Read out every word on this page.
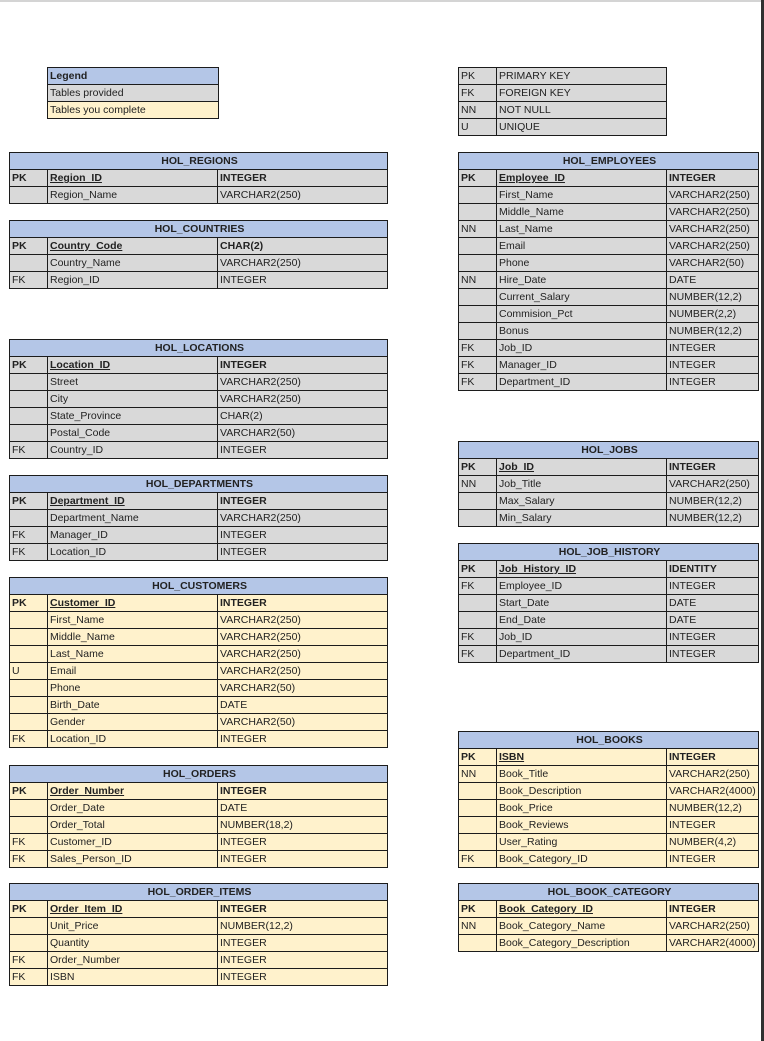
Legend
Tables provided
Tables you complete
PK	PRIMARY KEY
FK	FOREIGN KEY
NN	NOT NULL
U	UNIQUE
HOL_REGIONS		
PK	Region_ID	INTEGER
	Region_Name	VARCHAR2(250)
HOL_COUNTRIES		
PK	Country_Code	CHAR(2)
	Country_Name	VARCHAR2(250)
FK	Region_ID	INTEGER
HOL_LOCATIONS		
PK	Location_ID	INTEGER
	Street	VARCHAR2(250)
	City	VARCHAR2(250)
	State_Province	CHAR(2)
	Postal_Code	VARCHAR2(50)
FK	Country_ID	INTEGER
HOL_DEPARTMENTS		
PK	Department_ID	INTEGER
	Department_Name	VARCHAR2(250)
FK	Manager_ID	INTEGER
FK	Location_ID	INTEGER
HOL_CUSTOMERS		
PK	Customer_ID	INTEGER
	First_Name	VARCHAR2(250)
	Middle_Name	VARCHAR2(250)
	Last_Name	VARCHAR2(250)
U	Email	VARCHAR2(250)
	Phone	VARCHAR2(50)
	Birth_Date	DATE
	Gender	VARCHAR2(50)
FK	Location_ID	INTEGER
HOL_ORDERS		
PK	Order_Number	INTEGER
	Order_Date	DATE
	Order_Total	NUMBER(18,2)
FK	Customer_ID	INTEGER
FK	Sales_Person_ID	INTEGER
HOL_ORDER_ITEMS		
PK	Order_Item_ID	INTEGER
	Unit_Price	NUMBER(12,2)
	Quantity	INTEGER
FK	Order_Number	INTEGER
FK	ISBN	INTEGER
HOL_EMPLOYEES		
PK	Employee_ID	INTEGER
	First_Name	VARCHAR2(250)
	Middle_Name	VARCHAR2(250)
NN	Last_Name	VARCHAR2(250)
	Email	VARCHAR2(250)
	Phone	VARCHAR2(50)
NN	Hire_Date	DATE
	Current_Salary	NUMBER(12,2)
	Commision_Pct	NUMBER(2,2)
	Bonus	NUMBER(12,2)
FK	Job_ID	INTEGER
FK	Manager_ID	INTEGER
FK	Department_ID	INTEGER
HOL_JOBS		
PK	Job_ID	INTEGER
NN	Job_Title	VARCHAR2(250)
	Max_Salary	NUMBER(12,2)
	Min_Salary	NUMBER(12,2)
HOL_JOB_HISTORY		
PK	Job_History_ID	IDENTITY
FK	Employee_ID	INTEGER
	Start_Date	DATE
	End_Date	DATE
FK	Job_ID	INTEGER
FK	Department_ID	INTEGER
HOL_BOOKS		
PK	ISBN	INTEGER
NN	Book_Title	VARCHAR2(250)
	Book_Description	VARCHAR2(4000)
	Book_Price	NUMBER(12,2)
	Book_Reviews	INTEGER
	User_Rating	NUMBER(4,2)
FK	Book_Category_ID	INTEGER
HOL_BOOK_CATEGORY		
PK	Book_Category_ID	INTEGER
NN	Book_Category_Name	VARCHAR2(250)
	Book_Category_Description	VARCHAR2(4000)
